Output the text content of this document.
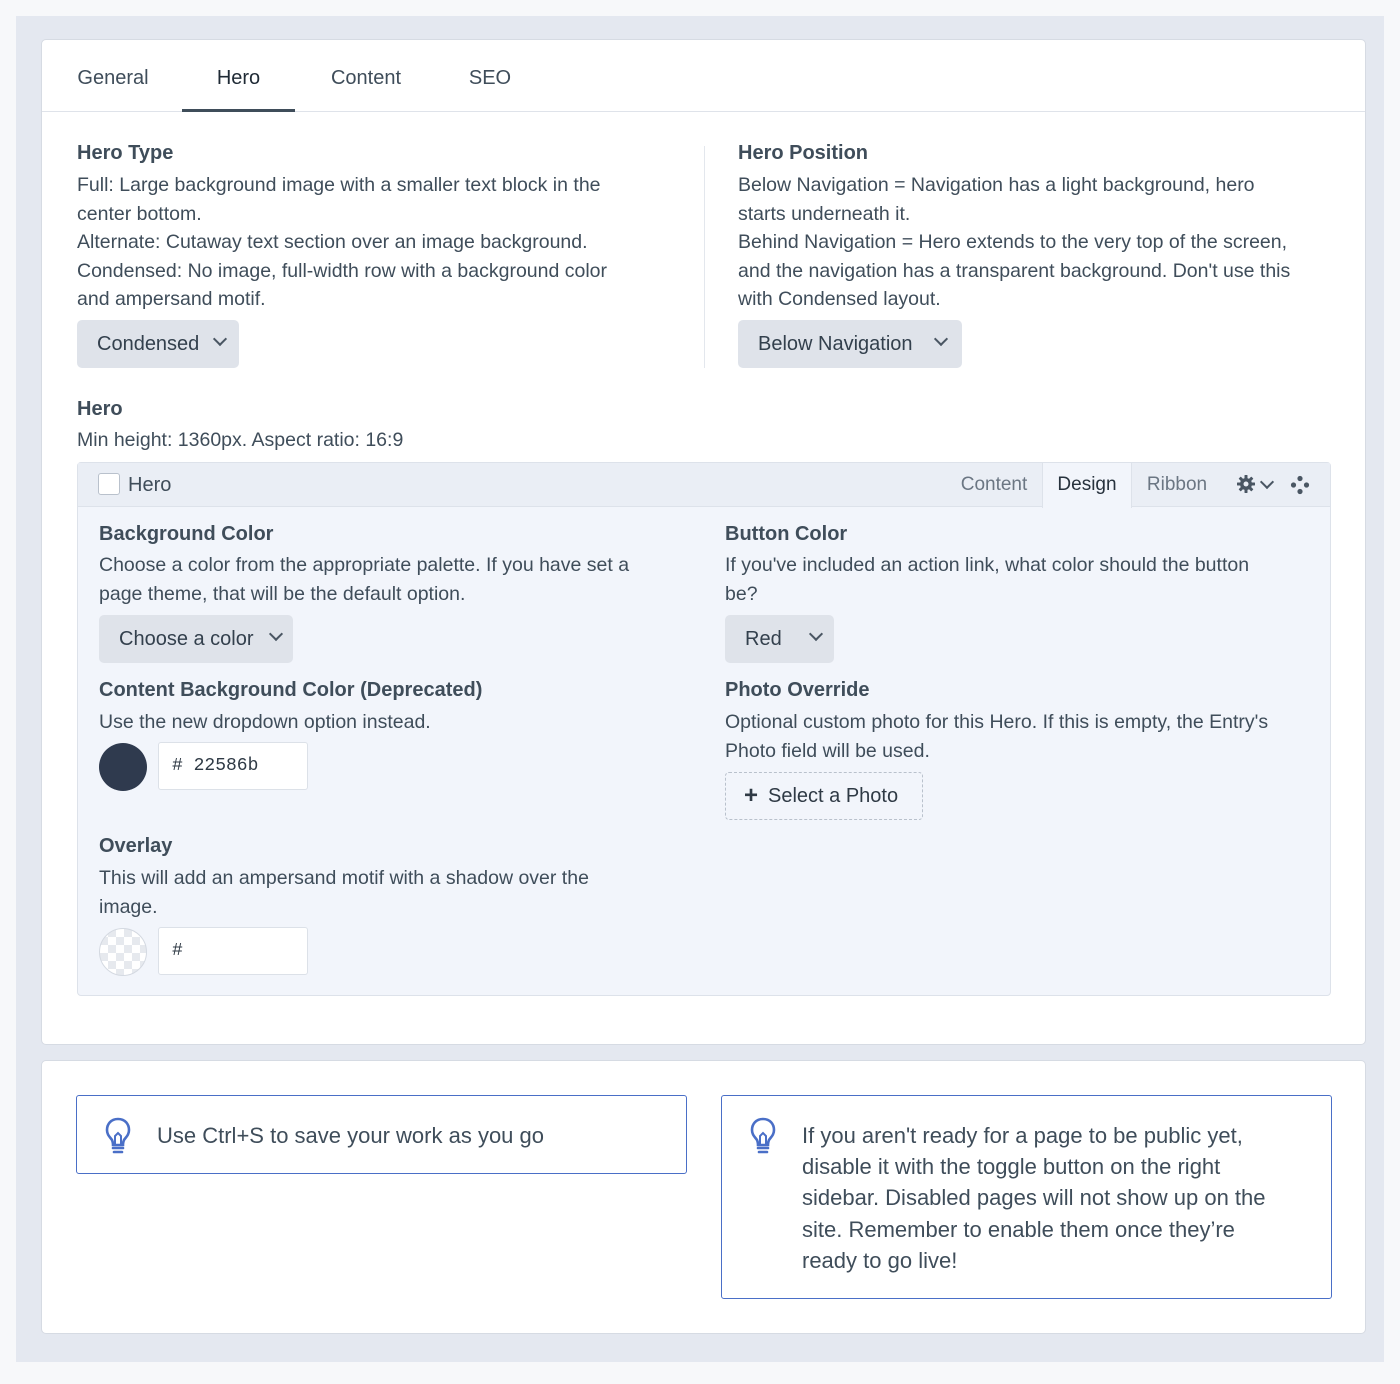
General	Hero	Content	SEO
Hero Type
Full: Large background image with a smaller text block in the
center bottom.
Alternate: Cutaway text section over an image background.
Condensed: No image, full-width row with a background color
and ampersand motif.
Condensed
Hero Position
Below Navigation = Navigation has a light background, hero
starts underneath it.
Behind Navigation = Hero extends to the very top of the screen,
and the navigation has a transparent background. Don't use this
with Condensed layout.
Below Navigation
Hero
Min height: 1360px. Aspect ratio: 16:9
Hero	Content	Design	Ribbon
Background Color
Choose a color from the appropriate palette. If you have set a
page theme, that will be the default option.
Choose a color
Button Color
If you've included an action link, what color should the button
be?
Red
Content Background Color (Deprecated)
Use the new dropdown option instead.
# 22586b
Photo Override
Optional custom photo for this Hero. If this is empty, the Entry's
Photo field will be used.
+ Select a Photo
Overlay
This will add an ampersand motif with a shadow over the
image.
#
Use Ctrl+S to save your work as you go	If you aren't ready for a page to be public yet,
disable it with the toggle button on the right
sidebar. Disabled pages will not show up on the
site. Remember to enable them once they’re
ready to go live!
